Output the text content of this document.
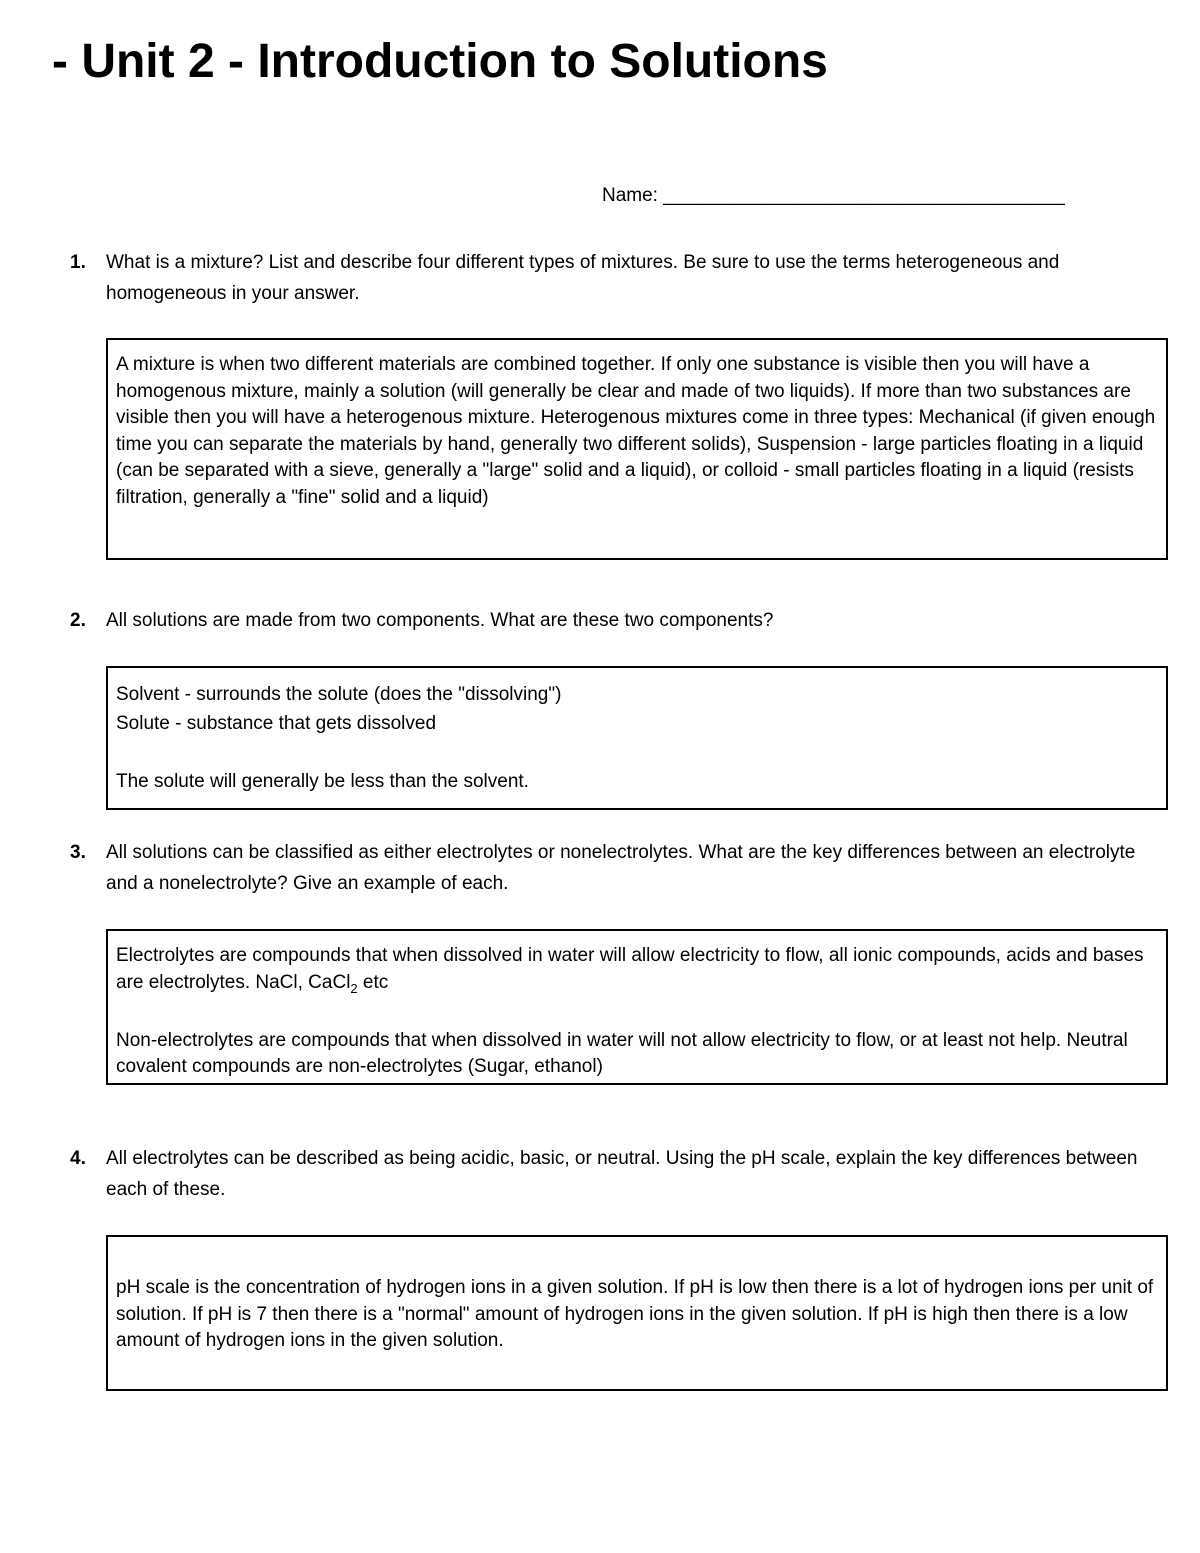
- Unit 2 - Introduction to Solutions
Name: ______________________________________
1. What is a mixture? List and describe four different types of mixtures. Be sure to use the terms heterogeneous and homogeneous in your answer.

A mixture is when two different materials are combined together. If only one substance is visible then you will have a homogenous mixture, mainly a solution (will generally be clear and made of two liquids). If more than two substances are visible then you will have a heterogenous mixture. Heterogenous mixtures come in three types: Mechanical (if given enough time you can separate the materials by hand, generally two different solids), Suspension - large particles floating in a liquid (can be separated with a sieve, generally a "large" solid and a liquid), or colloid - small particles floating in a liquid (resists filtration, generally a "fine" solid and a liquid)

2. All solutions are made from two components. What are these two components?

Solvent - surrounds the solute (does the "dissolving")

Solute - substance that gets dissolved

The solute will generally be less than the solvent.

3. All solutions can be classified as either electrolytes or nonelectrolytes. What are the key differences between an electrolyte and a nonelectrolyte? Give an example of each.

Electrolytes are compounds that when dissolved in water will allow electricity to flow, all ionic compounds, acids and bases are electrolytes. NaCl, CaCl$_2$ etc

Non-electrolytes are compounds that when dissolved in water will not allow electricity to flow, or at least not help. Neutral covalent compounds are non-electrolytes (Sugar, ethanol)

4. All electrolytes can be described as being acidic, basic, or neutral. Using the pH scale, explain the key differences between each of these.

pH scale is the concentration of hydrogen ions in a given solution. If pH is low then there is a lot of hydrogen ions per unit of solution. If pH is 7 then there is a "normal" amount of hydrogen ions in the given solution. If pH is high then there is a low amount of hydrogen ions in the given solution.
